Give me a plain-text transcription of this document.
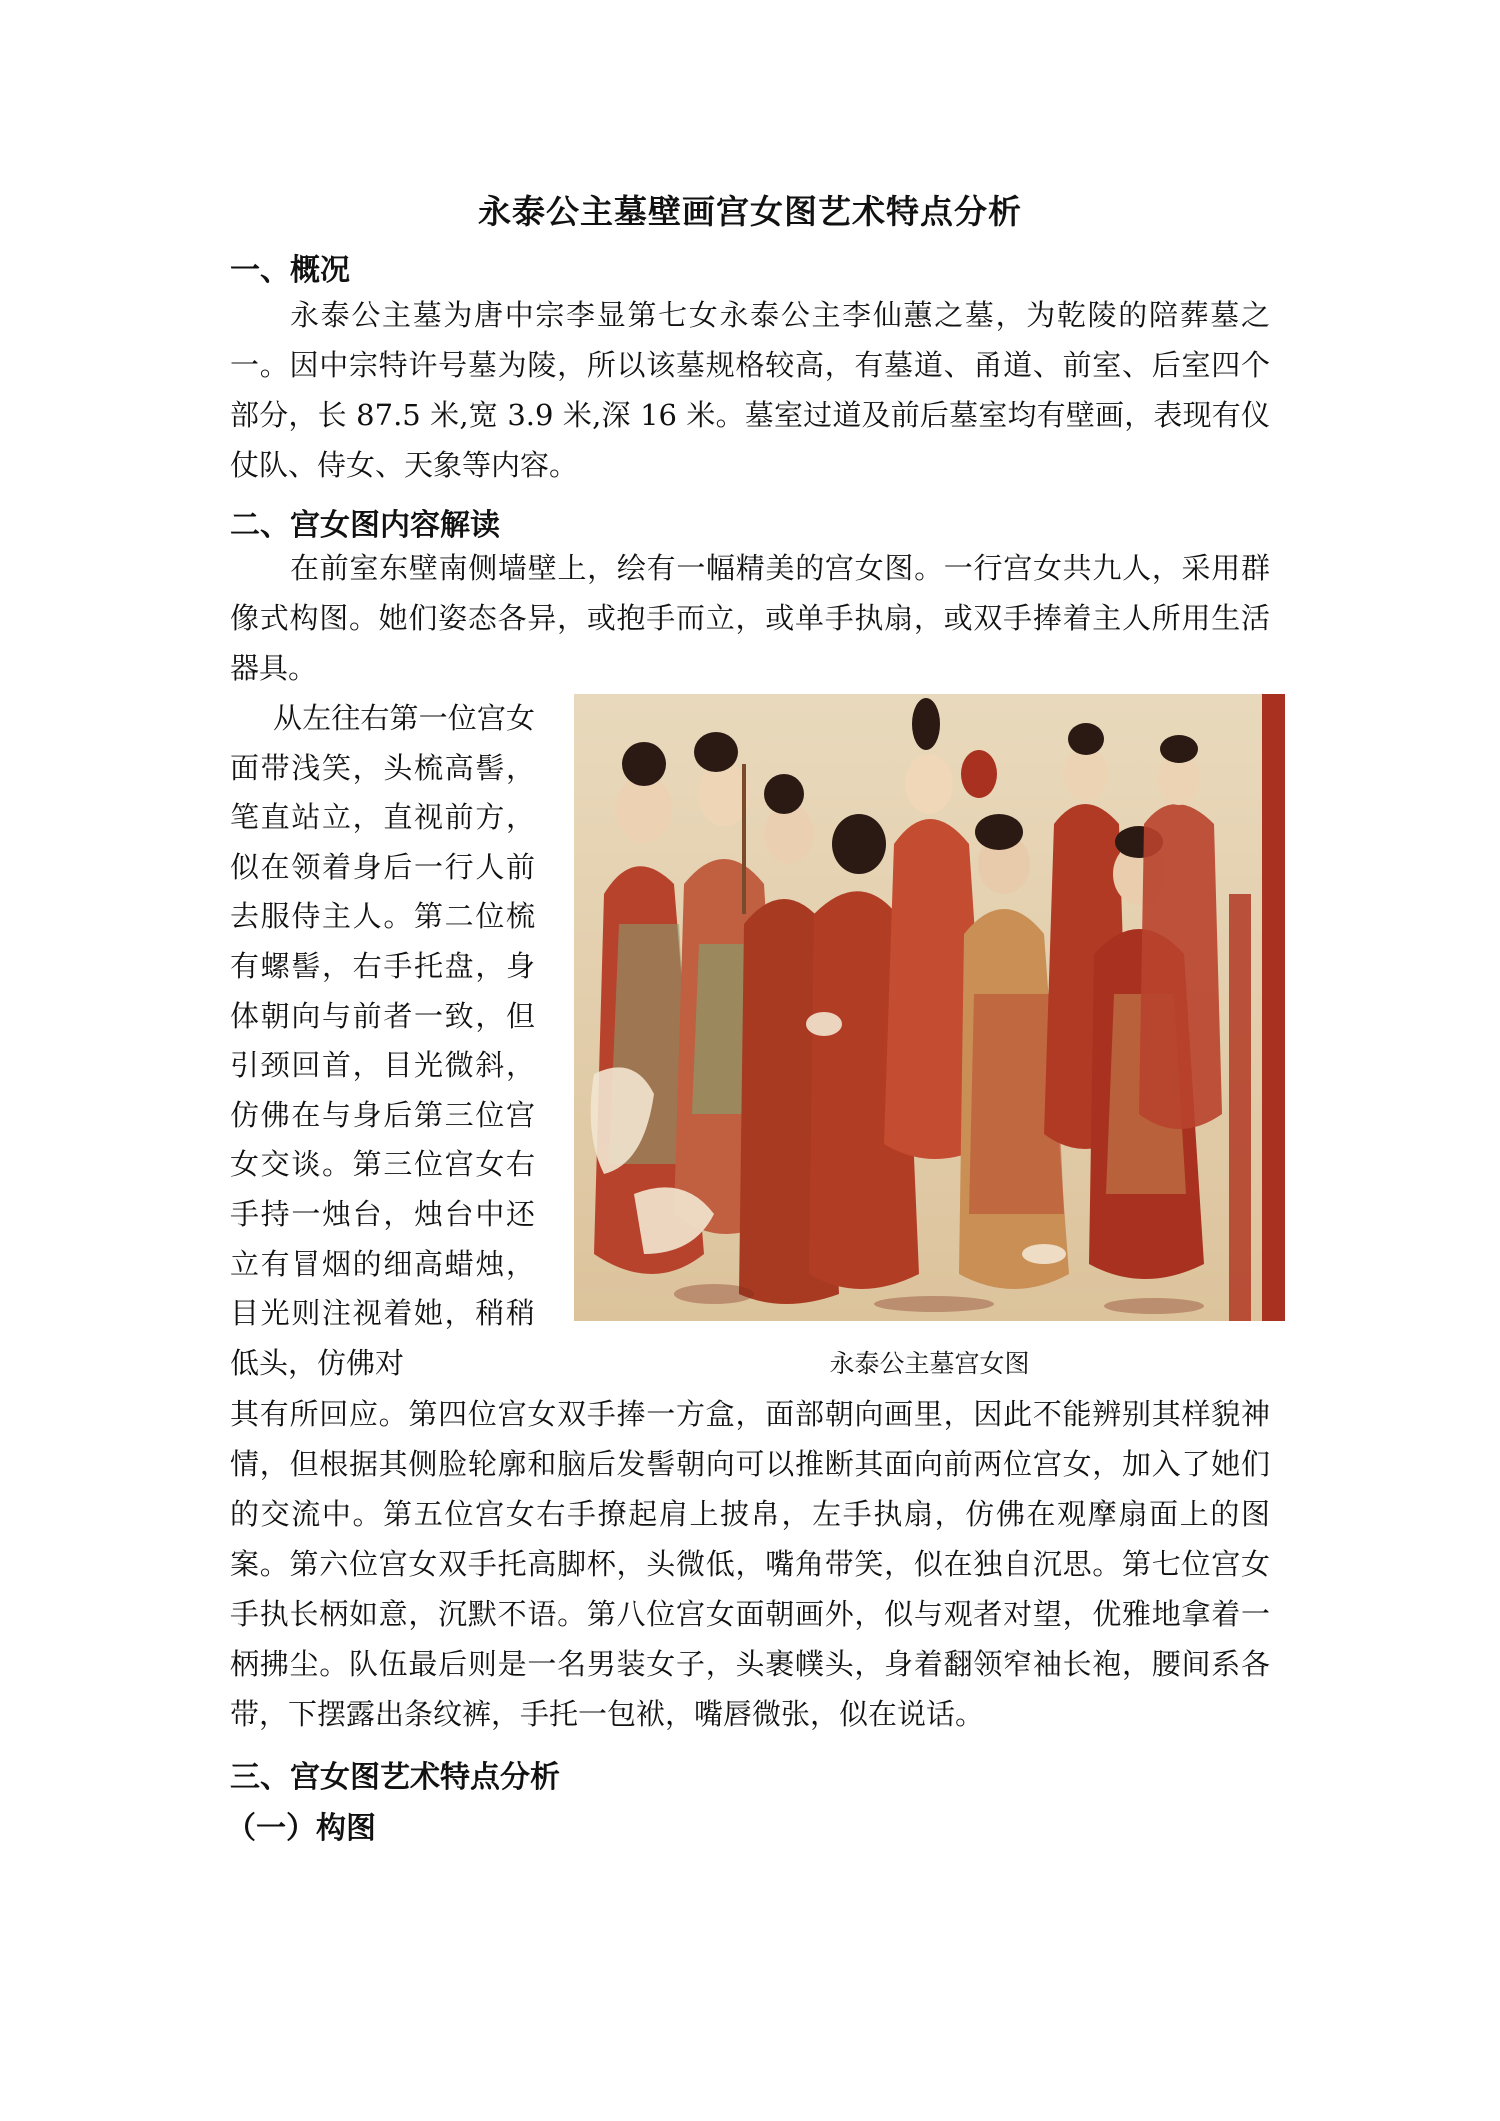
永泰公主墓壁画宫女图艺术特点分析
一、概况

永泰公主墓为唐中宗李显第七女永泰公主李仙蕙之墓，为乾陵的陪葬墓之一。因中宗特许号墓为陵，所以该墓规格较高，有墓道、甬道、前室、后室四个部分，长 87.5 米,宽 3.9 米,深 16 米。墓室过道及前后墓室均有壁画，表现有仪仗队、侍女、天象等内容。

二、宫女图内容解读

在前室东壁南侧墙壁上，绘有一幅精美的宫女图。一行宫女共九人，采用群像式构图。她们姿态各异，或抱手而立，或单手执扇，或双手捧着主人所用生活器具。

从左往右第一位宫女面带浅笑，头梳高髻，笔直站立，直视前方，似在领着身后一行人前去服侍主人。第二位梳有螺髻，右手托盘，身体朝向与前者一致，但引颈回首，目光微斜，仿佛在与身后第三位宫女交谈。第三位宫女右手持一烛台，烛台中还立有冒烟的细高蜡烛，目光则注视着她，稍稍低头，仿佛对	永泰公主墓宫女图

其有所回应。第四位宫女双手捧一方盒，面部朝向画里，因此不能辨别其样貌神情，但根据其侧脸轮廓和脑后发髻朝向可以推断其面向前两位宫女，加入了她们的交流中。第五位宫女右手撩起肩上披帛，左手执扇，仿佛在观摩扇面上的图案。第六位宫女双手托高脚杯，头微低，嘴角带笑，似在独自沉思。第七位宫女手执长柄如意，沉默不语。第八位宫女面朝画外，似与观者对望，优雅地拿着一柄拂尘。队伍最后则是一名男装女子，头裹幞头，身着翻领窄袖长袍，腰间系各带，下摆露出条纹裤，手托一包袱，嘴唇微张，似在说话。

三、宫女图艺术特点分析
（一）构图
